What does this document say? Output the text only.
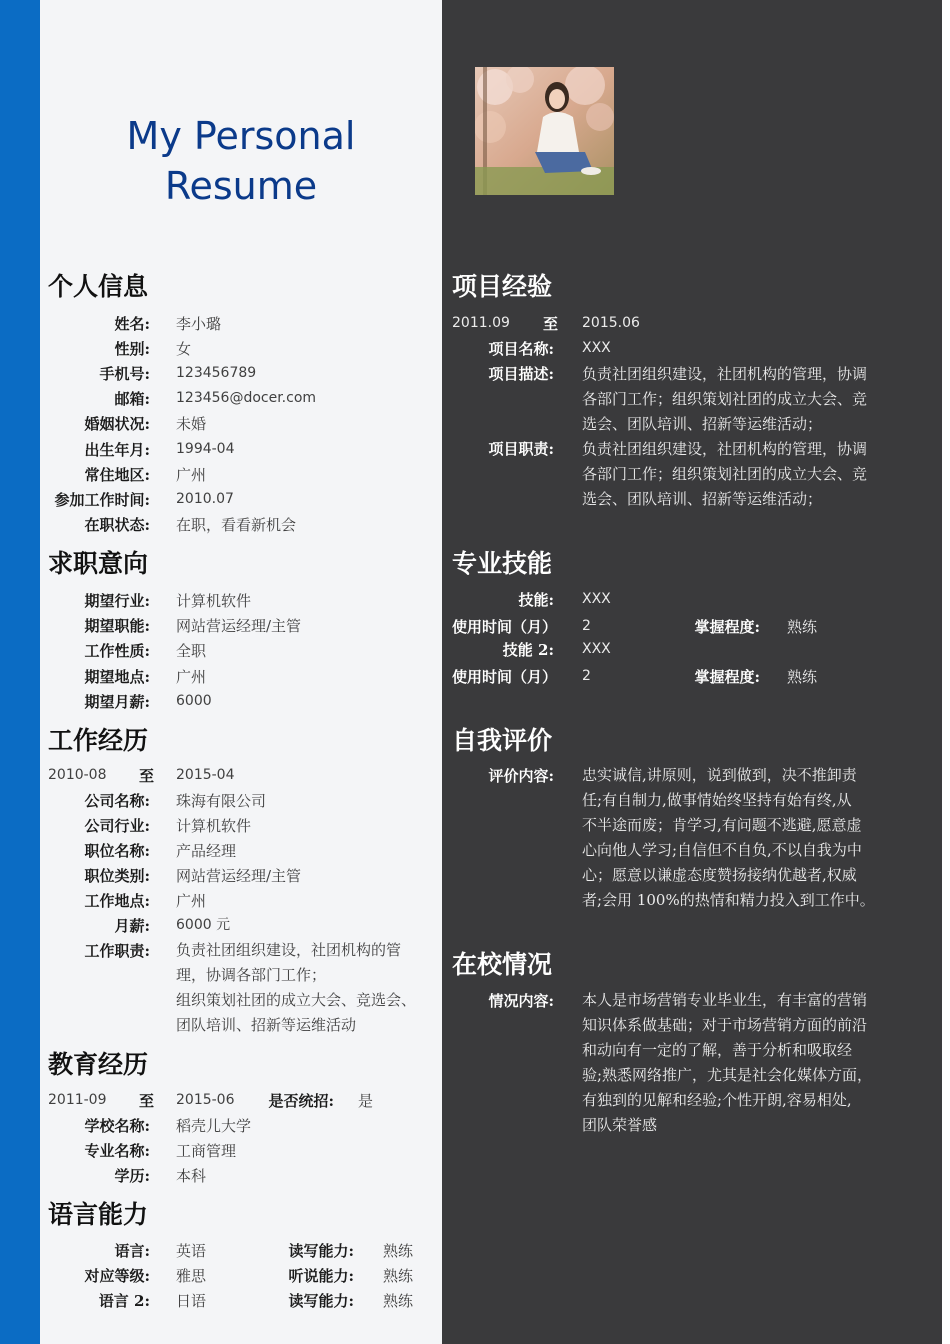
My Personal
Resume
个人信息
姓名: 李小璐
性别: 女
手机号: 123456789
邮箱: 123456@docer.com
婚姻状况: 未婚
出生年月: 1994-04
常住地区: 广州
参加工作时间: 2010.07
在职状态: 在职，看看新机会
求职意向
期望行业: 计算机软件
期望职能: 网站营运经理/主管
工作性质: 全职
期望地点: 广州
期望月薪: 6000
工作经历
2010-08	至 2015-04
公司名称: 珠海有限公司
公司行业: 计算机软件
职位名称: 产品经理
职位类别: 网站营运经理/主管
工作地点: 广州
月薪: 6000 元
工作职责: 负责社团组织建设，社团机构的管
理，协调各部门工作；
组织策划社团的成立大会、竞选会、
团队培训、招新等运维活动
教育经历
2011-09	至 2015-06	是否统招: 是
学校名称: 稻壳儿大学
专业名称: 工商管理
学历: 本科
语言能力
语言: 英语	读写能力: 熟练
对应等级: 雅思	听说能力: 熟练
语言 2: 日语	读写能力: 熟练
项目经验
2011.09	至 2015.06
项目名称: XXX
项目描述: 负责社团组织建设，社团机构的管理，协调
各部门工作；组织策划社团的成立大会、竞
选会、团队培训、招新等运维活动；
项目职责: 负责社团组织建设，社团机构的管理，协调
各部门工作；组织策划社团的成立大会、竞
选会、团队培训、招新等运维活动；
专业技能
技能: XXX
使用时间（月） 2	掌握程度: 熟练
技能 2: XXX
使用时间（月） 2	掌握程度: 熟练
自我评价
评价内容: 忠实诚信,讲原则，说到做到，决不推卸责
任;有自制力,做事情始终坚持有始有终,从
不半途而废；肯学习,有问题不逃避,愿意虚
心向他人学习;自信但不自负,不以自我为中
心；愿意以谦虚态度赞扬接纳优越者,权威
者;会用 100%的热情和精力投入到工作中。
在校情况
情况内容: 本人是市场营销专业毕业生，有丰富的营销
知识体系做基础；对于市场营销方面的前沿
和动向有一定的了解，善于分析和吸取经
验;熟悉网络推广，尤其是社会化媒体方面，
有独到的见解和经验;个性开朗,容易相处,
团队荣誉感
